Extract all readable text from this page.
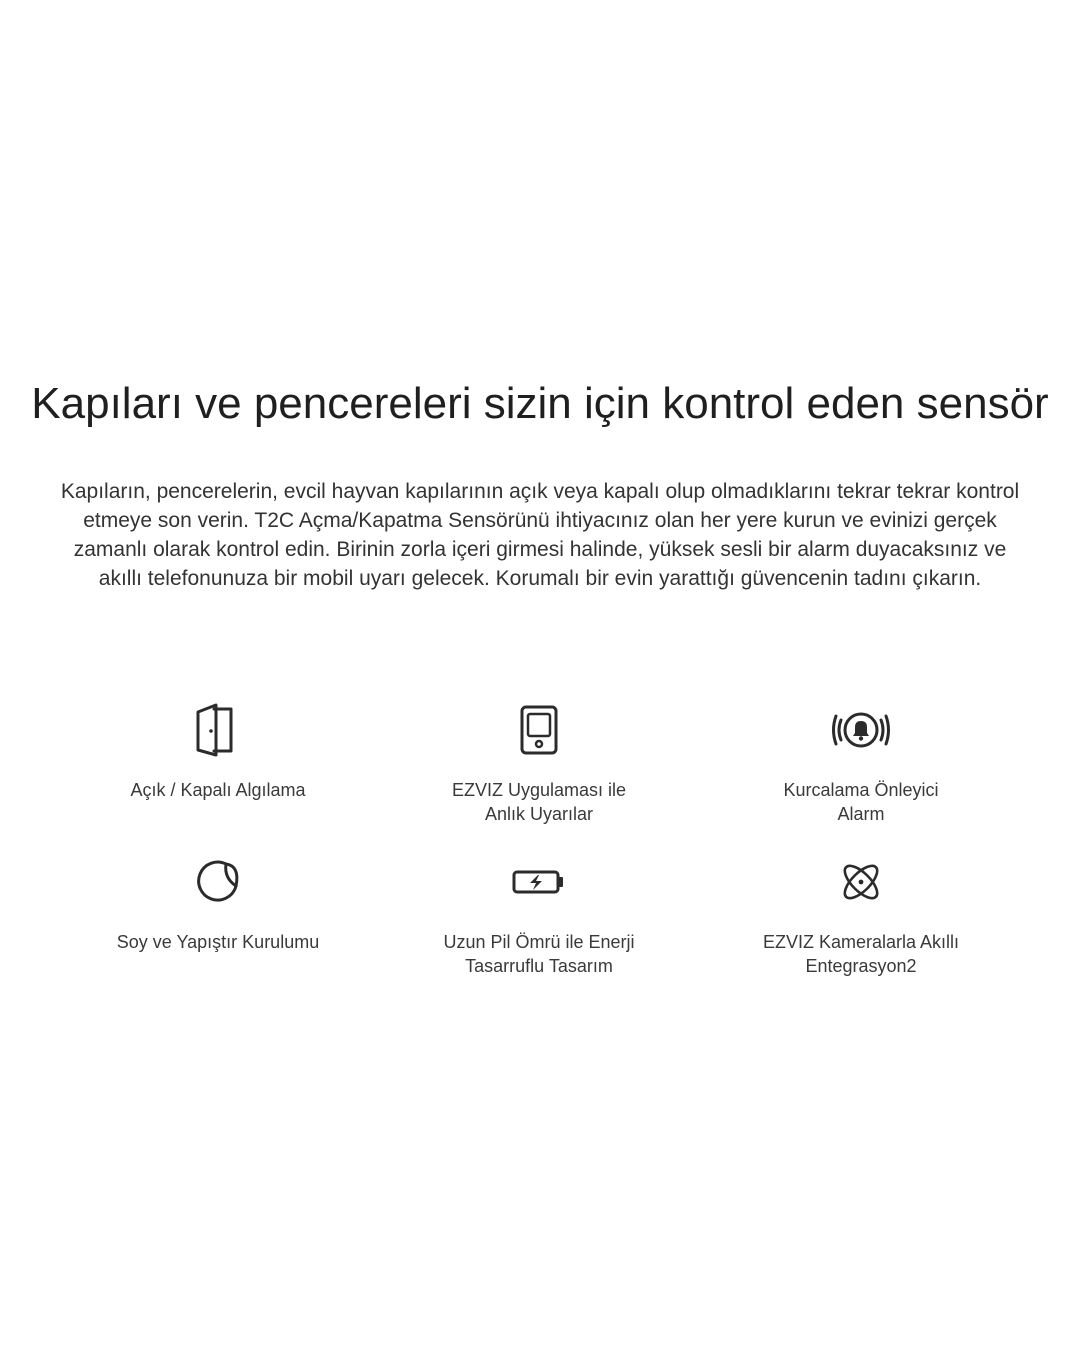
Kapıları ve pencereleri sizin için kontrol eden sensör

Kapıların, pencerelerin, evcil hayvan kapılarının açık veya kapalı olup olmadıklarını tekrar tekrar kontrol etmeye son verin. T2C Açma/Kapatma Sensörünü ihtiyacınız olan her yere kurun ve evinizi gerçek zamanlı olarak kontrol edin. Birinin zorla içeri girmesi halinde, yüksek sesli bir alarm duyacaksınız ve akıllı telefonunuza bir mobil uyarı gelecek. Korumalı bir evin yarattığı güvencenin tadını çıkarın.

Açık / Kapalı Algılama	EZVIZ Uygulaması ile
Anlık Uyarılar
Kurcalama Önleyici
Alarm
Soy ve Yapıştır Kurulumu	Uzun Pil Ömrü ile Enerji
Tasarruflu Tasarım
EZVIZ Kameralarla Akıllı
Entegrasyon2
